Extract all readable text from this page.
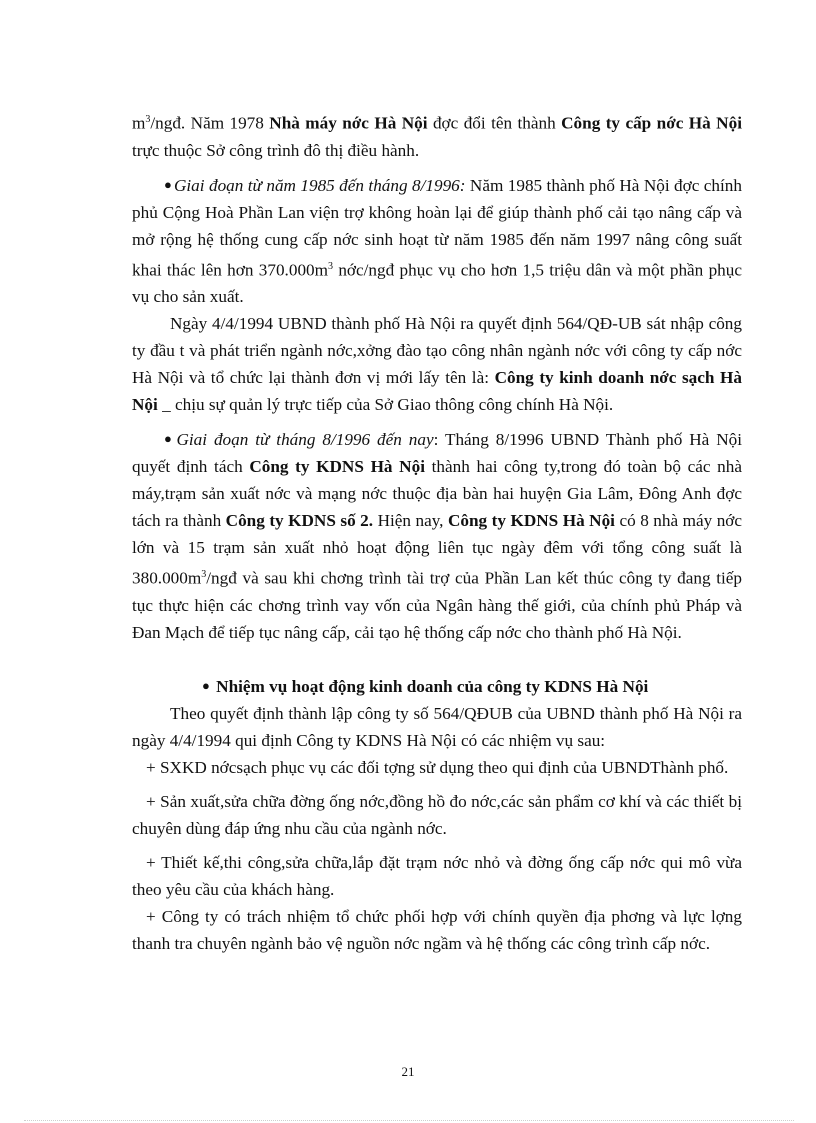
$m^3$/ngđ. Năm 1978 Nhà máy nớc Hà Nội đợc đổi tên thành Công ty cấp nớc Hà Nội trực thuộc Sở công trình đô thị điều hành.

● Giai đoạn từ năm 1985 đến tháng 8/1996: Năm 1985 thành phố Hà Nội đợc chính phủ Cộng Hoà Phần Lan viện trợ không hoàn lại để giúp thành phố cải tạo nâng cấp và mở rộng hệ thống cung cấp nớc sinh hoạt từ năm 1985 đến năm 1997 nâng công suất khai thác lên hơn $370.000m^3$ nớc/ngđ phục vụ cho hơn 1,5 triệu dân và một phần phục vụ cho sản xuất.

Ngày 4/4/1994 UBND thành phố Hà Nội ra quyết định 564/QĐ-UB sát nhập công ty đầu t và phát triển ngành nớc,xởng đào tạo công nhân ngành nớc với công ty cấp nớc Hà Nội và tổ chức lại thành đơn vị mới lấy tên là: Công ty kinh doanh nớc sạch Hà Nội _ chịu sự quản lý trực tiếp của Sở Giao thông công chính Hà Nội.

● Giai đoạn từ tháng 8/1996 đến nay: Tháng 8/1996 UBND Thành phố Hà Nội quyết định tách Công ty KDNS Hà Nội thành hai công ty,trong đó toàn bộ các nhà máy,trạm sản xuất nớc và mạng nớc thuộc địa bàn hai huyện Gia Lâm, Đông Anh đợc tách ra thành Công ty KDNS số 2. Hiện nay, Công ty KDNS Hà Nội có 8 nhà máy nớc lớn và 15 trạm sản xuất nhỏ hoạt động liên tục ngày đêm với tổng công suất là $380.000m^3$/ngđ và sau khi chơng trình tài trợ của Phần Lan kết thúc công ty đang tiếp tục thực hiện các chơng trình vay vốn của Ngân hàng thế giới, của chính phủ Pháp và Đan Mạch để tiếp tục nâng cấp, cải tạo hệ thống cấp nớc cho thành phố Hà Nội.

● Nhiệm vụ hoạt động kinh doanh của công ty KDNS Hà Nội

Theo quyết định thành lập công ty số 564/QĐUB của UBND thành phố Hà Nội ra ngày 4/4/1994 qui định Công ty KDNS Hà Nội có các nhiệm vụ sau:

+ SXKD nớcsạch phục vụ các đối tợng sử dụng theo qui định của UBNDThành phố.

+ Sản xuất,sửa chữa đờng ống nớc,đồng hồ đo nớc,các sản phẩm cơ khí và các thiết bị chuyên dùng đáp ứng nhu cầu của ngành nớc.

+ Thiết kế,thi công,sửa chữa,lắp đặt trạm nớc nhỏ và đờng ống cấp nớc qui mô vừa theo yêu cầu của khách hàng.

+ Công ty có trách nhiệm tổ chức phối hợp với chính quyền địa phơng và lực lợng thanh tra chuyên ngành bảo vệ nguồn nớc ngầm và hệ thống các công trình cấp nớc.

21
